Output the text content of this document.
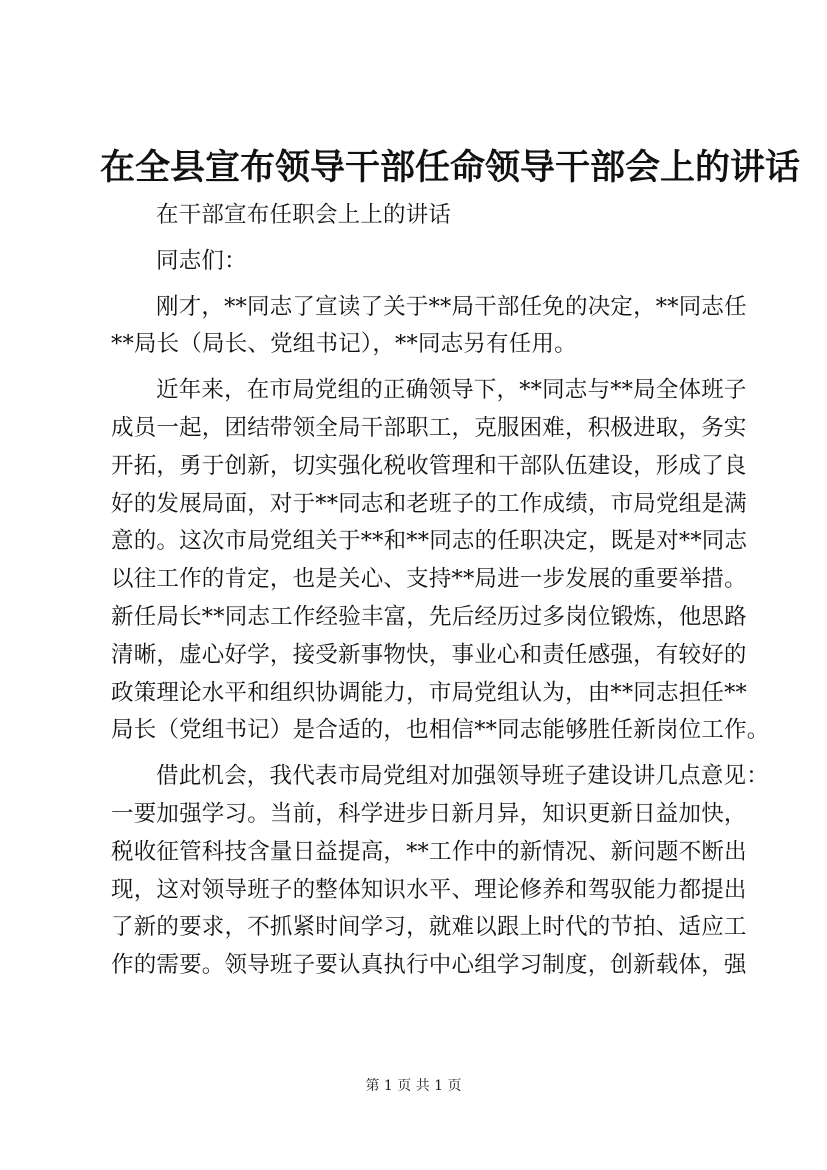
在全县宣布领导干部任命领导干部会上的讲话
在干部宣布任职会上上的讲话
同志们：
刚才，**同志了宣读了关于**局干部任免的决定，**同志任
**局长（局长、党组书记），**同志另有任用。
近年来，在市局党组的正确领导下，**同志与**局全体班子
成员一起，团结带领全局干部职工，克服困难，积极进取，务实
开拓，勇于创新，切实强化税收管理和干部队伍建设，形成了良
好的发展局面，对于**同志和老班子的工作成绩，市局党组是满
意的。这次市局党组关于**和**同志的任职决定，既是对**同志
以往工作的肯定，也是关心、支持**局进一步发展的重要举措。
新任局长**同志工作经验丰富，先后经历过多岗位锻炼，他思路
清晰，虚心好学，接受新事物快，事业心和责任感强，有较好的
政策理论水平和组织协调能力，市局党组认为，由**同志担任**
局长（党组书记）是合适的，也相信**同志能够胜任新岗位工作。
借此机会，我代表市局党组对加强领导班子建设讲几点意见：
一要加强学习。当前，科学进步日新月异，知识更新日益加快，
税收征管科技含量日益提高，**工作中的新情况、新问题不断出
现，这对领导班子的整体知识水平、理论修养和驾驭能力都提出
了新的要求，不抓紧时间学习，就难以跟上时代的节拍、适应工
作的需要。领导班子要认真执行中心组学习制度，创新载体，强
第 1 页 共 1 页
